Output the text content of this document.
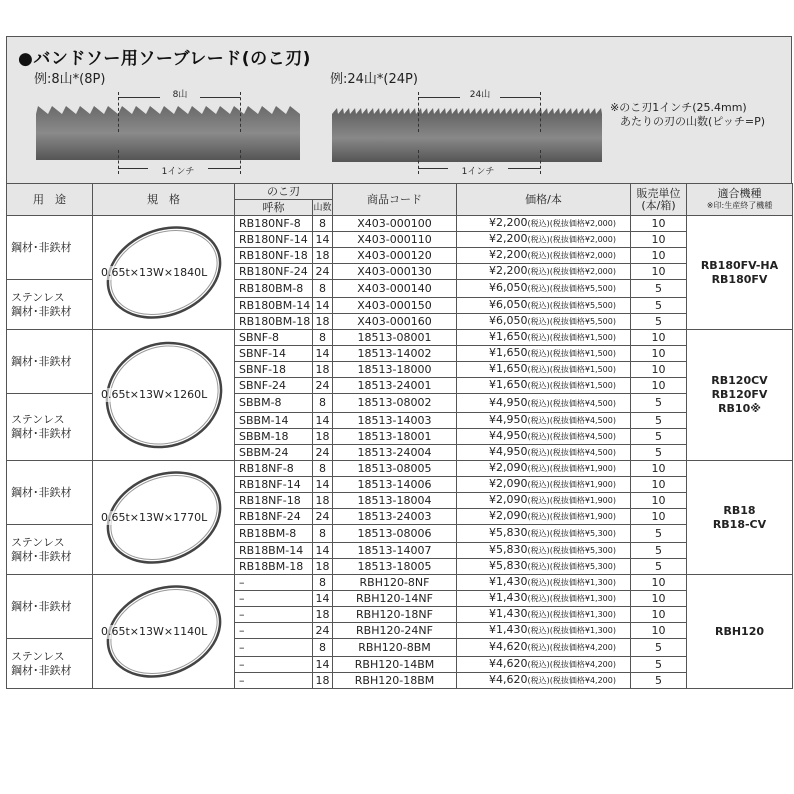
●バンドソー用ソーブレード(のこ刃)
例:8山*(8P)	例:24山*(24P)
8山
1インチ
24山
1インチ
※のこ刃1インチ(25.4mm)
あたりの刃の山数(ピッチ=P)
用　途	規　格	のこ刃		商品コード	価格/本	販売単位(本/箱)	適合機種
※印:生産終了機種

		呼称	山数				

鋼材･非鉄材	0.65t×13W×1840L	RB180NF-8	8	X403-000100	¥2,200(税込)(税抜価格¥2,000)	10	RB180FV-HA
RB180FV

		RB180NF-14	14	X403-000110	¥2,200(税込)(税抜価格¥2,000)	10	
		RB180NF-18	18	X403-000120	¥2,200(税込)(税抜価格¥2,000)	10	
		RB180NF-24	24	X403-000130	¥2,200(税込)(税抜価格¥2,000)	10	

ステンレス
鋼材･非鉄材		RB180BM-8	8	X403-000140	¥6,050(税込)(税抜価格¥5,500)	5	
		RB180BM-14	14	X403-000150	¥6,050(税込)(税抜価格¥5,500)	5	
		RB180BM-18	18	X403-000160	¥6,050(税込)(税抜価格¥5,500)	5	

鋼材･非鉄材	0.65t×13W×1260L	SBNF-8	8	18513-08001	¥1,650(税込)(税抜価格¥1,500)	10	RB120CV
RB120FV
RB10※

		SBNF-14	14	18513-14002	¥1,650(税込)(税抜価格¥1,500)	10	
		SBNF-18	18	18513-18000	¥1,650(税込)(税抜価格¥1,500)	10	
		SBNF-24	24	18513-24001	¥1,650(税込)(税抜価格¥1,500)	10	

ステンレス
鋼材･非鉄材		SBBM-8	8	18513-08002	¥4,950(税込)(税抜価格¥4,500)	5	
		SBBM-14	14	18513-14003	¥4,950(税込)(税抜価格¥4,500)	5	
		SBBM-18	18	18513-18001	¥4,950(税込)(税抜価格¥4,500)	5	
		SBBM-24	24	18513-24004	¥4,950(税込)(税抜価格¥4,500)	5	

鋼材･非鉄材	0.65t×13W×1770L	RB18NF-8	8	18513-08005	¥2,090(税込)(税抜価格¥1,900)	10	RB18
RB18-CV

		RB18NF-14	14	18513-14006	¥2,090(税込)(税抜価格¥1,900)	10	
		RB18NF-18	18	18513-18004	¥2,090(税込)(税抜価格¥1,900)	10	
		RB18NF-24	24	18513-24003	¥2,090(税込)(税抜価格¥1,900)	10	

ステンレス
鋼材･非鉄材		RB18BM-8	8	18513-08006	¥5,830(税込)(税抜価格¥5,300)	5	
		RB18BM-14	14	18513-14007	¥5,830(税込)(税抜価格¥5,300)	5	
		RB18BM-18	18	18513-18005	¥5,830(税込)(税抜価格¥5,300)	5	

鋼材･非鉄材	0.65t×13W×1140L	–	8	RBH120-8NF	¥1,430(税込)(税抜価格¥1,300)	10	RBH120

		–	14	RBH120-14NF	¥1,430(税込)(税抜価格¥1,300)	10	
		–	18	RBH120-18NF	¥1,430(税込)(税抜価格¥1,300)	10	
		–	24	RBH120-24NF	¥1,430(税込)(税抜価格¥1,300)	10	

ステンレス
鋼材･非鉄材		–	8	RBH120-8BM	¥4,620(税込)(税抜価格¥4,200)	5	
		–	14	RBH120-14BM	¥4,620(税込)(税抜価格¥4,200)	5	
		–	18	RBH120-18BM	¥4,620(税込)(税抜価格¥4,200)	5	
